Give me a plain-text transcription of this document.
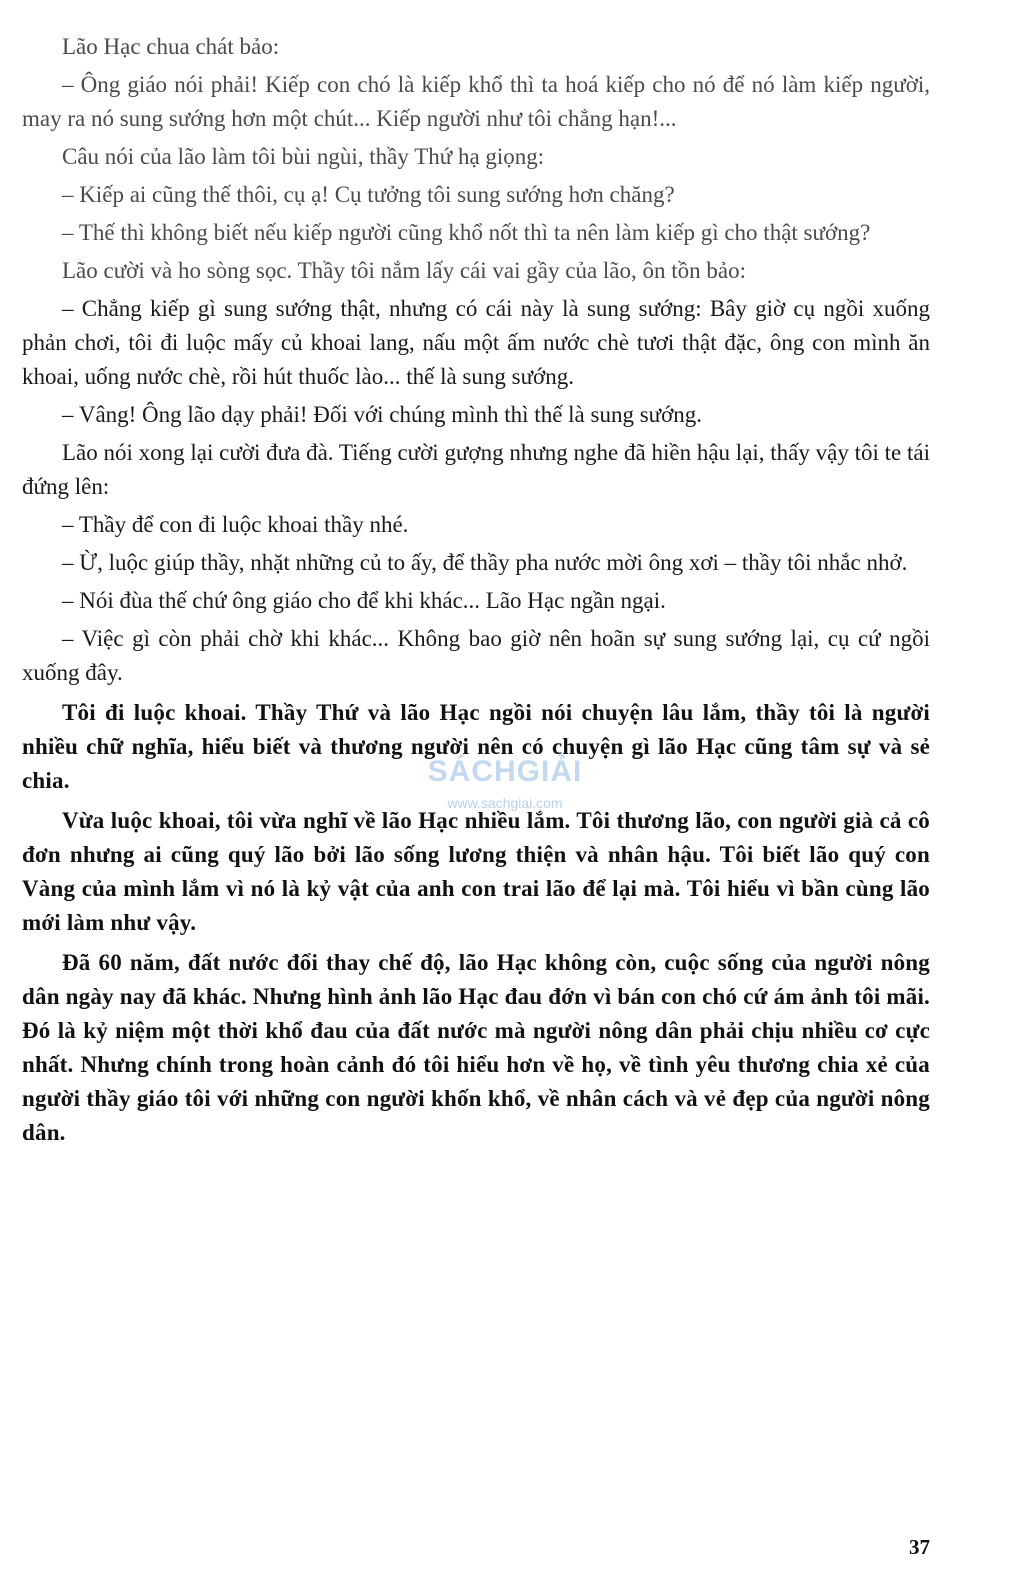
Lão Hạc chua chát bảo:

– Ông giáo nói phải! Kiếp con chó là kiếp khổ thì ta hoá kiếp cho nó để nó làm kiếp người, may ra nó sung sướng hơn một chút... Kiếp người như tôi chẳng hạn!...

Câu nói của lão làm tôi bùi ngùi, thầy Thứ hạ giọng:

– Kiếp ai cũng thế thôi, cụ ạ! Cụ tưởng tôi sung sướng hơn chăng?

– Thế thì không biết nếu kiếp người cũng khổ nốt thì ta nên làm kiếp gì cho thật sướng?

Lão cười và ho sòng sọc. Thầy tôi nắm lấy cái vai gầy của lão, ôn tồn bảo:

– Chẳng kiếp gì sung sướng thật, nhưng có cái này là sung sướng: Bây giờ cụ ngồi xuống phản chơi, tôi đi luộc mấy củ khoai lang, nấu một ấm nước chè tươi thật đặc, ông con mình ăn khoai, uống nước chè, rồi hút thuốc lào... thế là sung sướng.

– Vâng! Ông lão dạy phải! Đối với chúng mình thì thế là sung sướng.

Lão nói xong lại cười đưa đà. Tiếng cười gượng nhưng nghe đã hiền hậu lại, thấy vậy tôi te tái đứng lên:

– Thầy để con đi luộc khoai thầy nhé.

– Ừ, luộc giúp thầy, nhặt những củ to ấy, để thầy pha nước mời ông xơi – thầy tôi nhắc nhở.

– Nói đùa thế chứ ông giáo cho để khi khác... Lão Hạc ngần ngại.

– Việc gì còn phải chờ khi khác... Không bao giờ nên hoãn sự sung sướng lại, cụ cứ ngồi xuống đây.

Tôi đi luộc khoai. Thầy Thứ và lão Hạc ngồi nói chuyện lâu lắm, thầy tôi là người nhiều chữ nghĩa, hiểu biết và thương người nên có chuyện gì lão Hạc cũng tâm sự và sẻ chia.

Vừa luộc khoai, tôi vừa nghĩ về lão Hạc nhiều lắm. Tôi thương lão, con người già cả cô đơn nhưng ai cũng quý lão bởi lão sống lương thiện và nhân hậu. Tôi biết lão quý con Vàng của mình lắm vì nó là kỷ vật của anh con trai lão để lại mà. Tôi hiểu vì bần cùng lão mới làm như vậy.

Đã 60 năm, đất nước đổi thay chế độ, lão Hạc không còn, cuộc sống của người nông dân ngày nay đã khác. Nhưng hình ảnh lão Hạc đau đớn vì bán con chó cứ ám ảnh tôi mãi. Đó là kỷ niệm một thời khổ đau của đất nước mà người nông dân phải chịu nhiều cơ cực nhất. Nhưng chính trong hoàn cảnh đó tôi hiểu hơn về họ, về tình yêu thương chia xẻ của người thầy giáo tôi với những con người khốn khổ, về nhân cách và vẻ đẹp của người nông dân.

SÁCHGIẢI
www.sachgiai.com
37
